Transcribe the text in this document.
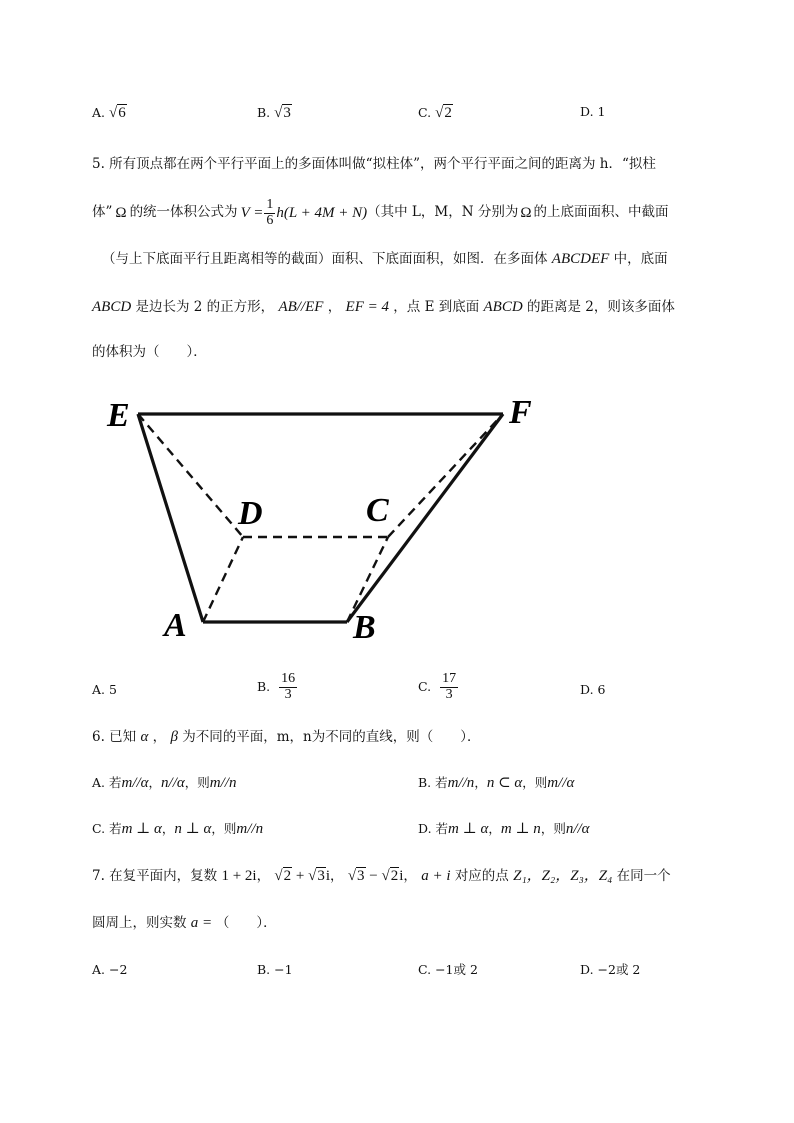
A. √6	B. √3	C. √2	D. 1
5. 所有顶点都在两个平行平面上的多面体叫做“拟柱体”，两个平行平面之间的距离为 h．“拟柱
体” Ω 的统一体积公式为 $V = \frac{1}{6} h(L + 4M + N)$ （其中 L，M，N 分别为 Ω 的上底面面积、中截面
（与上下底面平行且距离相等的截面）面积、下底面面积，如图．在多面体 ABCDEF 中，底面
ABCD 是边长为 2 的正方形， AB//EF ， EF = 4 ，点 E 到底面 ABCD 的距离是 2，则该多面体
的体积为（　　）．
E	F
D	C
A	B
A. 5	B. $\frac{16}{3}$	C. $\frac{17}{3}$	D. 6
6. 已知 α ， β 为不同的平面，m，n为不同的直线，则（　　）．
A. 若m//α，n//α，则m//n	B. 若m//n，n ⊂ α，则m//α
C. 若m ⊥ α，n ⊥ α，则m//n	D. 若m ⊥ α，m ⊥ n，则n//α
7. 在复平面内，复数 1 + 2i， √2 + √3i， √3 − √2i， a + i 对应的点 Z₁，Z₂，Z₃，Z₄ 在同一个
圆周上，则实数 a = （　　）．
A. −2	B. −1	C. −1或 2	D. −2或 2
